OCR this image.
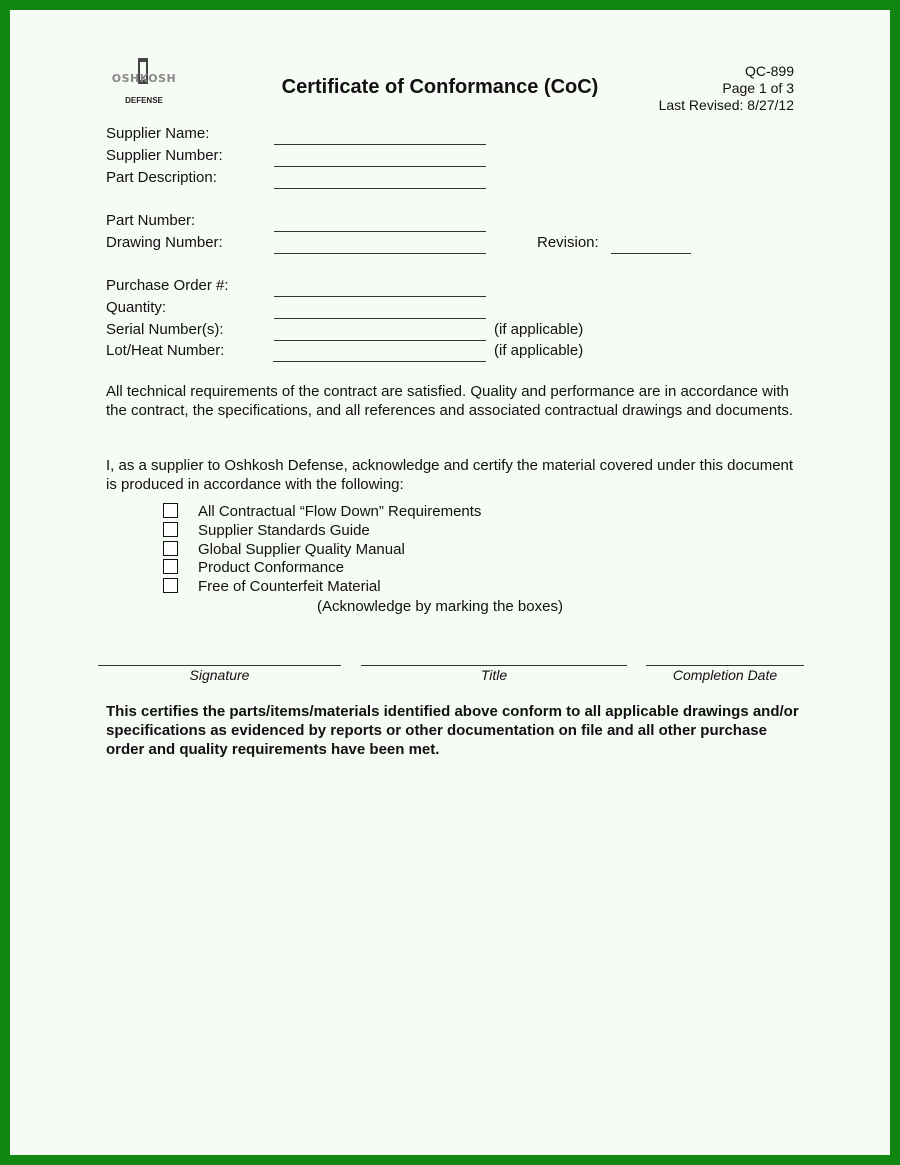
OSHKOSH
DEFENSE
Certificate of Conformance (CoC)
QC-899
Page 1 of 3
Last Revised: 8/27/12
Supplier Name:
Supplier Number:
Part Description:
Part Number:
Drawing Number:	Revision:
Purchase Order #:
Quantity:
Serial Number(s):	(if applicable)
Lot/Heat Number:	(if applicable)
All technical requirements of the contract are satisfied. Quality and performance are in accordance with the contract, the specifications, and all references and associated contractual drawings and documents.
I, as a supplier to Oshkosh Defense, acknowledge and certify the material covered under this document is produced in accordance with the following:
All Contractual “Flow Down” Requirements
Supplier Standards Guide
Global Supplier Quality Manual
Product Conformance
Free of Counterfeit Material
(Acknowledge by marking the boxes)
Signature	Title	Completion Date
This certifies the parts/items/materials identified above conform to all applicable drawings and/or specifications as evidenced by reports or other documentation on file and all other purchase order and quality requirements have been met.
